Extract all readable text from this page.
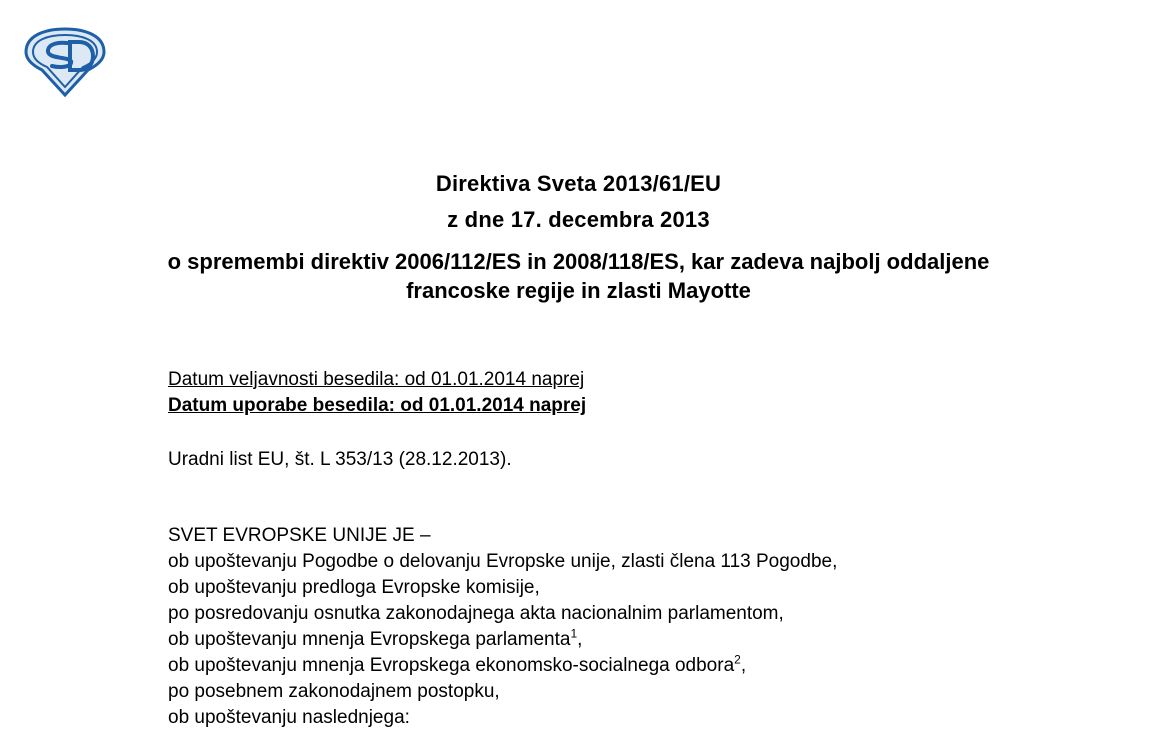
Direktiva Sveta 2013/61/EU
z dne 17. decembra 2013
o spremembi direktiv 2006/112/ES in 2008/118/ES, kar zadeva najbolj oddaljene francoske regije in zlasti Mayotte
Datum veljavnosti besedila: od 01.01.2014 naprej
Datum uporabe besedila: od 01.01.2014 naprej
Uradni list EU, št. L 353/13 (28.12.2013).
SVET EVROPSKE UNIJE JE –
ob upoštevanju Pogodbe o delovanju Evropske unije, zlasti člena 113 Pogodbe,
ob upoštevanju predloga Evropske komisije,
po posredovanju osnutka zakonodajnega akta nacionalnim parlamentom,
ob upoštevanju mnenja Evropskega parlamenta$^1$,
ob upoštevanju mnenja Evropskega ekonomsko-socialnega odbora$^2$,
po posebnem zakonodajnem postopku,
ob upoštevanju naslednjega:
